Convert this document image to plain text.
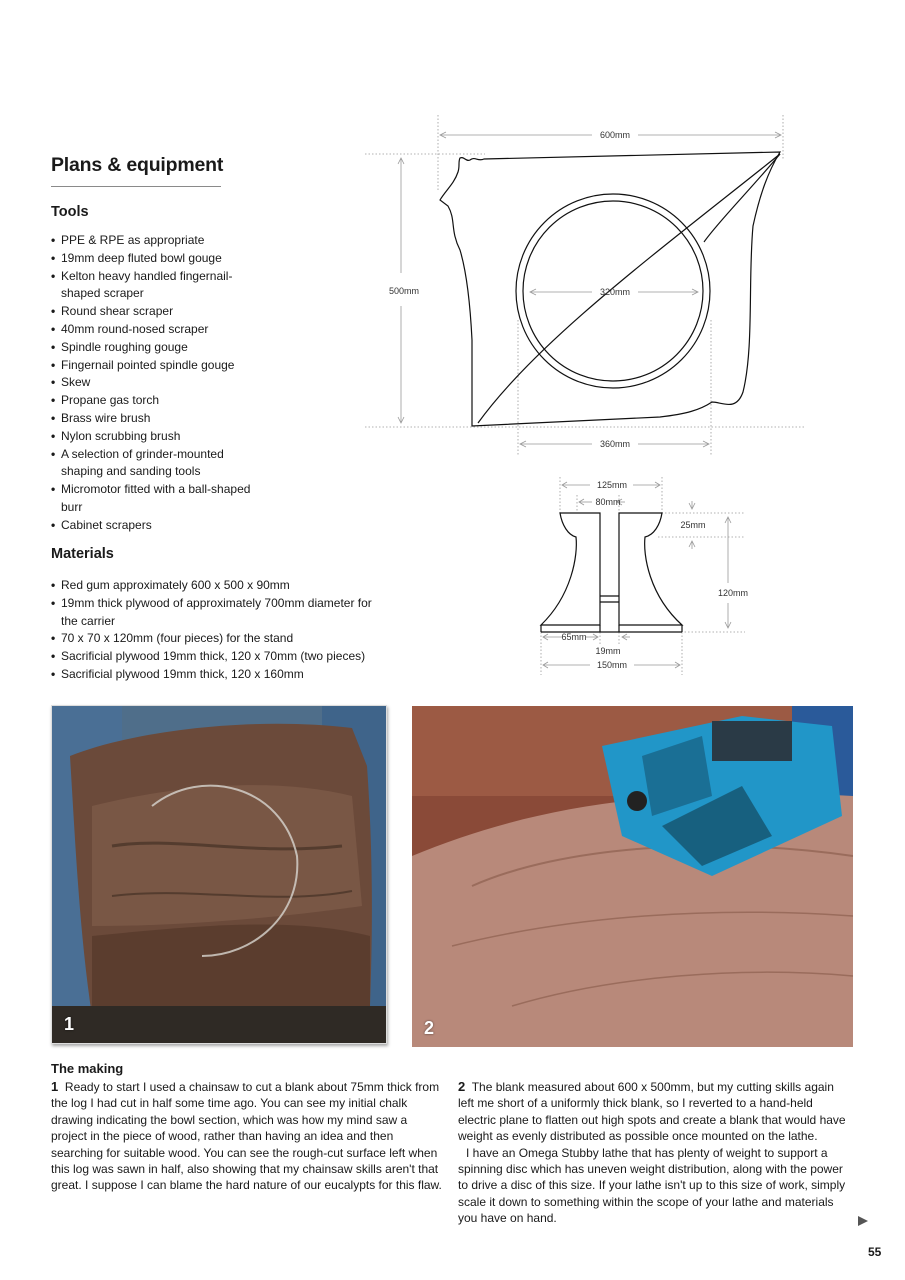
Plans & equipment
Tools
• PPE & RPE as appropriate
• 19mm deep fluted bowl gouge
• Kelton heavy handled fingernail-shaped scraper
• Round shear scraper
• 40mm round-nosed scraper
• Spindle roughing gouge
• Fingernail pointed spindle gouge
• Skew
• Propane gas torch
• Brass wire brush
• Nylon scrubbing brush
• A selection of grinder-mounted shaping and sanding tools
• Micromotor fitted with a ball-shaped burr
• Cabinet scrapers
Materials
• Red gum approximately 600 x 500 x 90mm
• 19mm thick plywood of approximately 700mm diameter for the carrier
• 70 x 70 x 120mm (four pieces) for the stand
• Sacrificial plywood 19mm thick, 120 x 70mm (two pieces)
• Sacrificial plywood 19mm thick, 120 x 160mm
600mm
500mm	320mm
360mm
125mm
80mm
25mm
120mm
65mm
19mm
150mm
1	2
The making

1 Ready to start I used a chainsaw to cut a blank about 75mm thick from the log I had cut in half some time ago. You can see my initial chalk drawing indicating the bowl section, which was how my mind saw a project in the piece of wood, rather than having an idea and then searching for suitable wood. You can see the rough-cut surface left when this log was sawn in half, also showing that my chainsaw skills aren't that great. I suppose I can blame the hard nature of our eucalypts for this flaw.

2 The blank measured about 600 x 500mm, but my cutting skills again left me short of a uniformly thick blank, so I reverted to a hand-held electric plane to flatten out high spots and create a blank that would have weight as evenly distributed as possible once mounted on the lathe.

I have an Omega Stubby lathe that has plenty of weight to support a spinning disc which has uneven weight distribution, along with the power to drive a disc of this size. If your lathe isn't up to this size of work, simply scale it down to something within the scope of your lathe and materials you have on hand.

55
